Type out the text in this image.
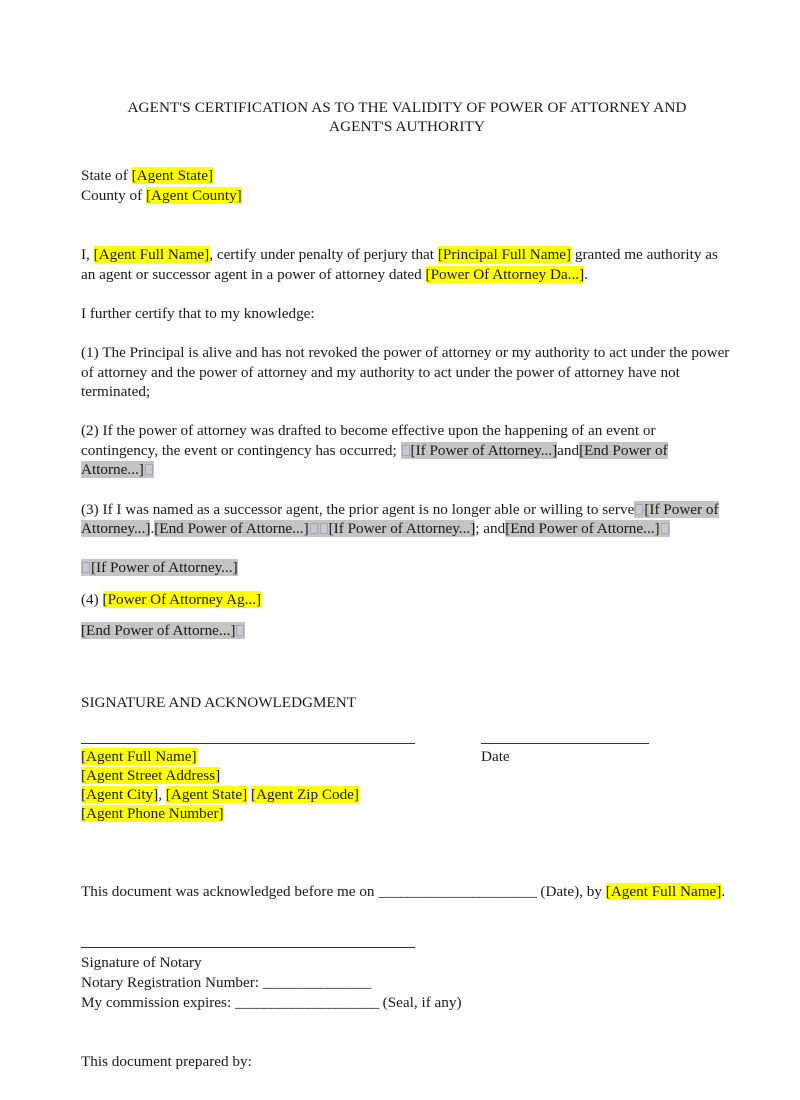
AGENT'S CERTIFICATION AS TO THE VALIDITY OF POWER OF ATTORNEY AND AGENT'S AUTHORITY

State of [Agent State]

County of [Agent County]

I, [Agent Full Name], certify under penalty of perjury that [Principal Full Name] granted me authority as an agent or successor agent in a power of attorney dated [Power Of Attorney Da...].

I further certify that to my knowledge:

(1) The Principal is alive and has not revoked the power of attorney or my authority to act under the power of attorney and the power of attorney and my authority to act under the power of attorney have not terminated;

(2) If the power of attorney was drafted to become effective upon the happening of an event or contingency, the event or contingency has occurred; [If Power of Attorney...]and[End Power of Attorne...]

(3) If I was named as a successor agent, the prior agent is no longer able or willing to serve [If Power of Attorney...].[End Power of Attorne...] [If Power of Attorney...]; and[End Power of Attorne...]

[If Power of Attorney...]

(4) [Power Of Attorney Ag...]

[End Power of Attorne...]

SIGNATURE AND ACKNOWLEDGMENT

[Agent Full Name]
[Agent Street Address]
[Agent City], [Agent State] [Agent Zip Code]
[Agent Phone Number]
Date

This document was acknowledged before me on ______________________ (Date), by [Agent Full Name].

Signature of Notary

Notary Registration Number: _______________

My commission expires: ____________________ (Seal, if any)

This document prepared by:
